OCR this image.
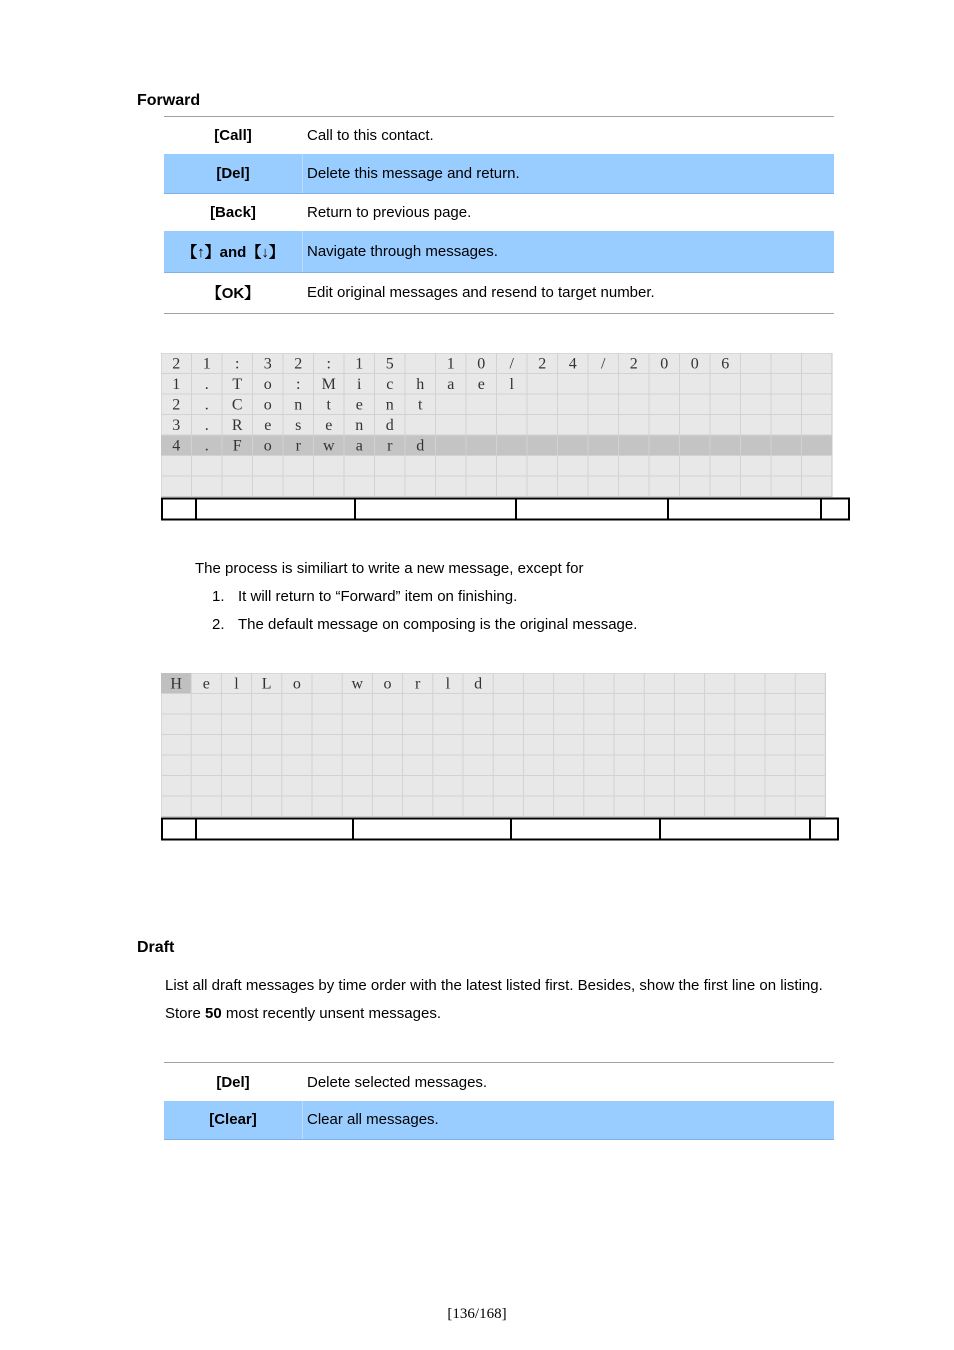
Forward
[Call]	Call to this contact.
[Del]	Delete this message and return.
[Back]	Return to previous page.
【↑】and【↓】	Navigate through messages.
【OK】	Edit original messages and resend to target number.
2 1 : 3 2 : 1 5	1 0 / 2 4 / 2 0 0 6
1 . T o : M i c h a e l
2 . C o n t e n t
3 . R e s e n d
4 . F o r w a r d
The process is similiart to write a new message, except for
1. It will return to “Forward” item on finishing.
2. The default message on composing is the original message.
H e l L o	w o r l d
Draft
List all draft messages by time order with the latest listed first. Besides, show the first line on listing.
Store 50 most recently unsent messages.
[Del]	Delete selected messages.
[Clear]	Clear all messages.
[136/168]
